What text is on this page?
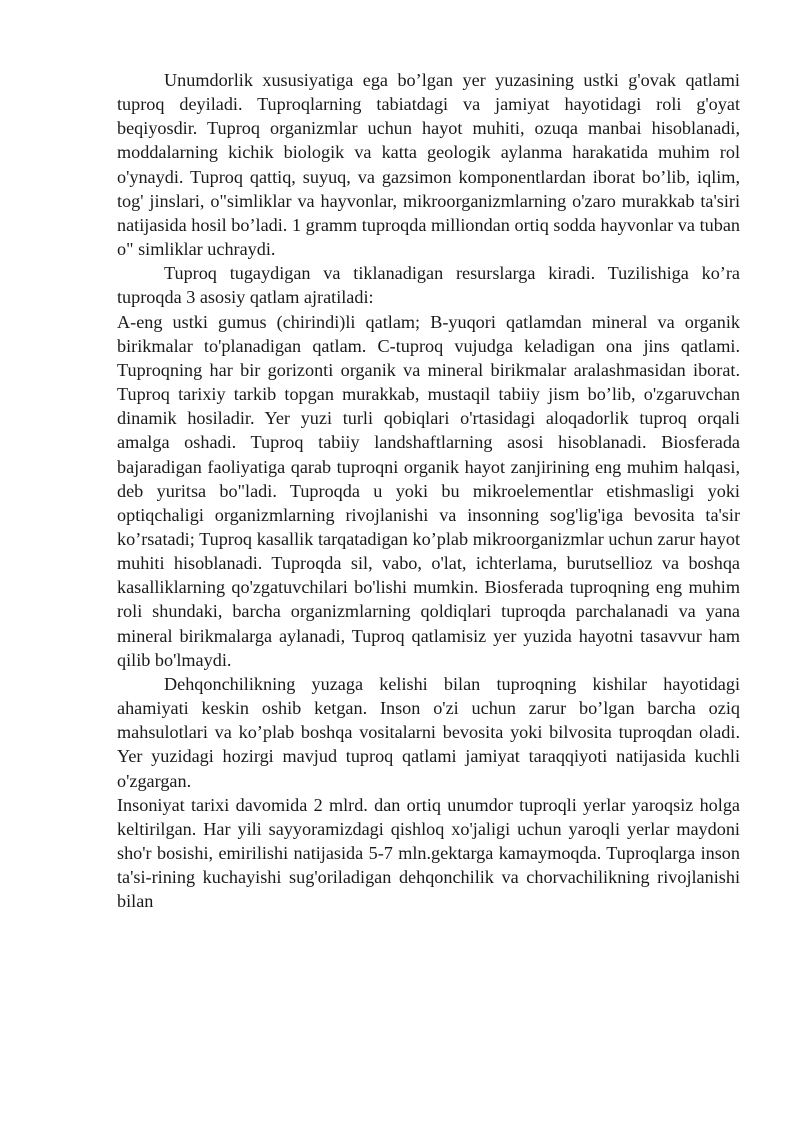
Unumdorlik xususiyatiga ega bo’lgan yer yuzasining ustki g'ovak qatlami tuproq deyiladi. Tuproqlarning tabiatdagi va jamiyat hayotidagi roli g'oyat beqiyosdir. Tuproq organizmlar uchun hayot muhiti, ozuqa manbai hisoblanadi, moddalarning kichik biologik va katta geologik aylanma harakatida muhim rol o'ynaydi. Tuproq qattiq, suyuq, va gazsimon komponentlardan iborat bo’lib, iqlim, tog' jinslari, o"simliklar va hayvonlar, mikroorganizmlarning o'zaro murakkab ta'siri natijasida hosil bo’ladi. 1 gramm tuproqda milliondan ortiq sodda hayvonlar va tuban o" simliklar uchraydi.

Tuproq tugaydigan va tiklanadigan resurslarga kiradi. Tuzilishiga ko’ra tuproqda 3 asosiy qatlam ajratiladi:

A-eng ustki gumus (chirindi)li qatlam; B-yuqori qatlamdan mineral va organik birikmalar to'planadigan qatlam. C-tuproq vujudga keladigan ona jins qatlami. Tuproqning har bir gorizonti organik va mineral birikmalar aralashmasidan iborat. Tuproq tarixiy tarkib topgan murakkab, mustaqil tabiiy jism bo’lib, o'zgaruvchan dinamik hosiladir. Yer yuzi turli qobiqlari o'rtasidagi aloqadorlik tuproq orqali amalga oshadi. Tuproq tabiiy landshaftlarning asosi hisoblanadi. Biosferada bajaradigan faoliyatiga qarab tuproqni organik hayot zanjirining eng muhim halqasi, deb yuritsa bo"ladi. Tuproqda u yoki bu mikroelementlar etishmasligi yoki optiqchaligi organizmlarning rivojlanishi va insonning sog'lig'iga bevosita ta'sir ko’rsatadi; Tuproq kasallik tarqatadigan ko’plab mikroorganizmlar uchun zarur hayot muhiti hisoblanadi. Tuproqda sil, vabo, o'lat, ichterlama, burutsellioz va boshqa kasalliklarning qo'zgatuvchilari bo'lishi mumkin. Biosferada tuproqning eng muhim roli shundaki, barcha organizmlarning qoldiqlari tuproqda parchalanadi va yana mineral birikmalarga aylanadi, Tuproq qatlamisiz yer yuzida hayotni tasavvur ham qilib bo'lmaydi.

Dehqonchilikning yuzaga kelishi bilan tuproqning kishilar hayotidagi ahamiyati keskin oshib ketgan. Inson o'zi uchun zarur bo’lgan barcha oziq mahsulotlari va ko’plab boshqa vositalarni bevosita yoki bilvosita tuproqdan oladi. Yer yuzidagi hozirgi mavjud tuproq qatlami jamiyat taraqqiyoti natijasida kuchli o'zgargan.

Insoniyat tarixi davomida 2 mlrd. dan ortiq unumdor tuproqli yerlar yaroqsiz holga keltirilgan. Har yili sayyoramizdagi qishloq xo'jaligi uchun yaroqli yerlar maydoni sho'r bosishi, emirilishi natijasida 5-7 mln.gektarga kamaymoqda. Tuproqlarga inson ta'si-rining kuchayishi sug'oriladigan dehqonchilik va chorvachilikning rivojlanishi bilan
